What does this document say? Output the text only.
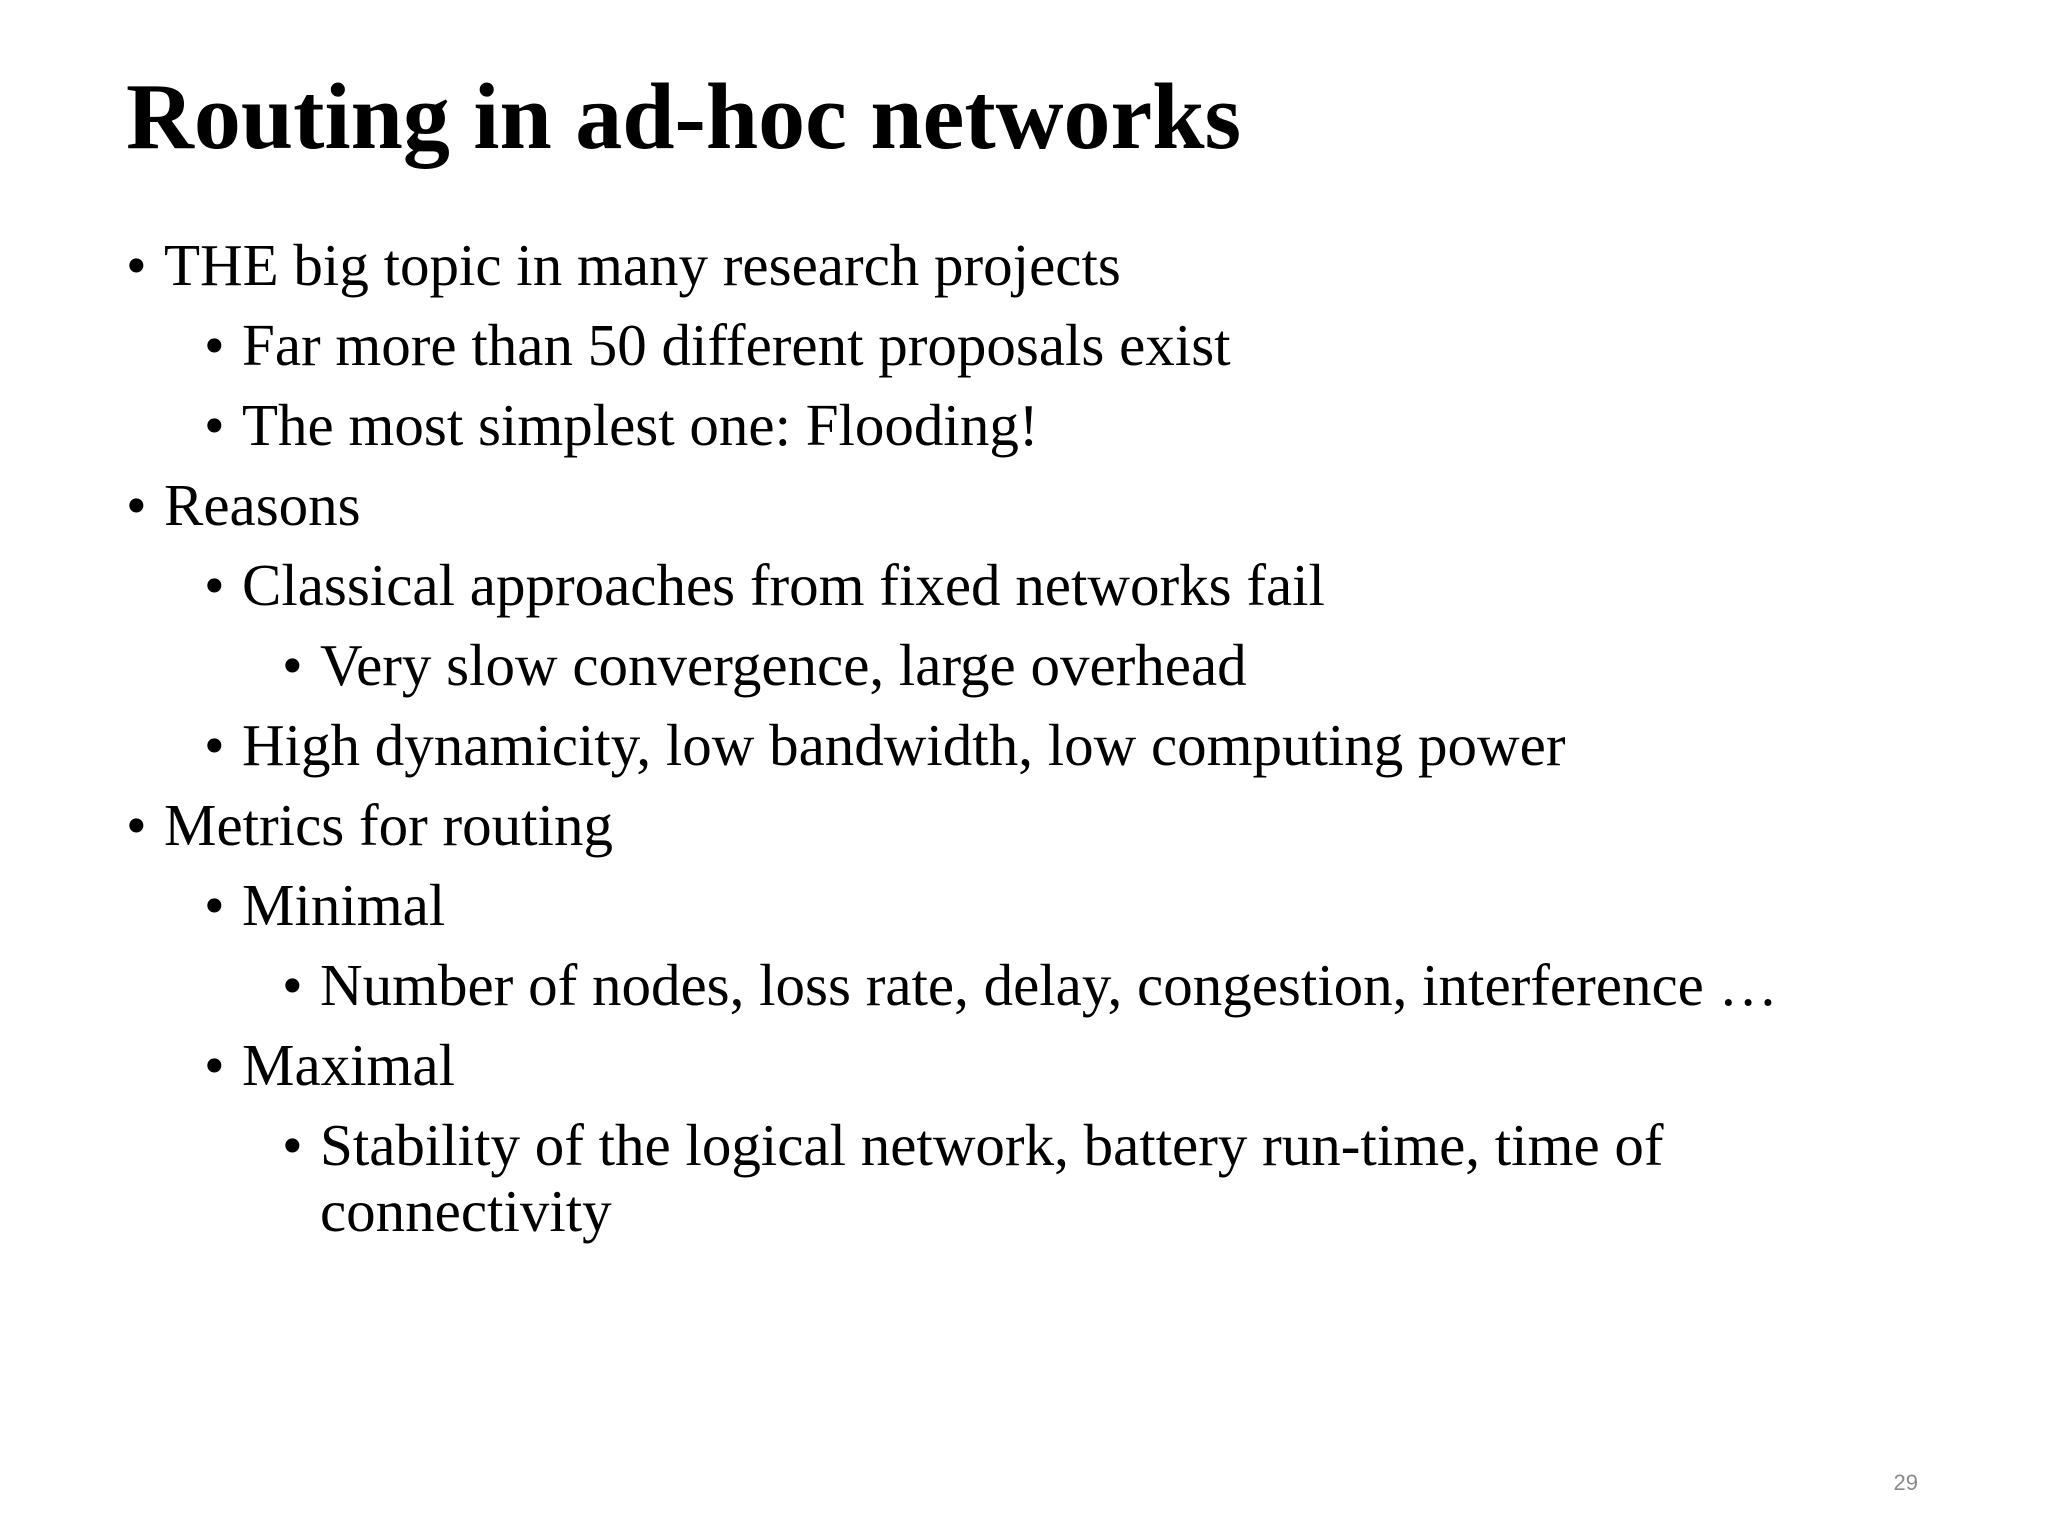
Routing in ad-hoc networks
• THE big topic in many research projects
• Far more than 50 different proposals exist
• The most simplest one: Flooding!
• Reasons
• Classical approaches from fixed networks fail
• Very slow convergence, large overhead
• High dynamicity, low bandwidth, low computing power
• Metrics for routing
• Minimal
• Number of nodes, loss rate, delay, congestion, interference …
• Maximal
• Stability of the logical network, battery run-time, time of connectivity
29
